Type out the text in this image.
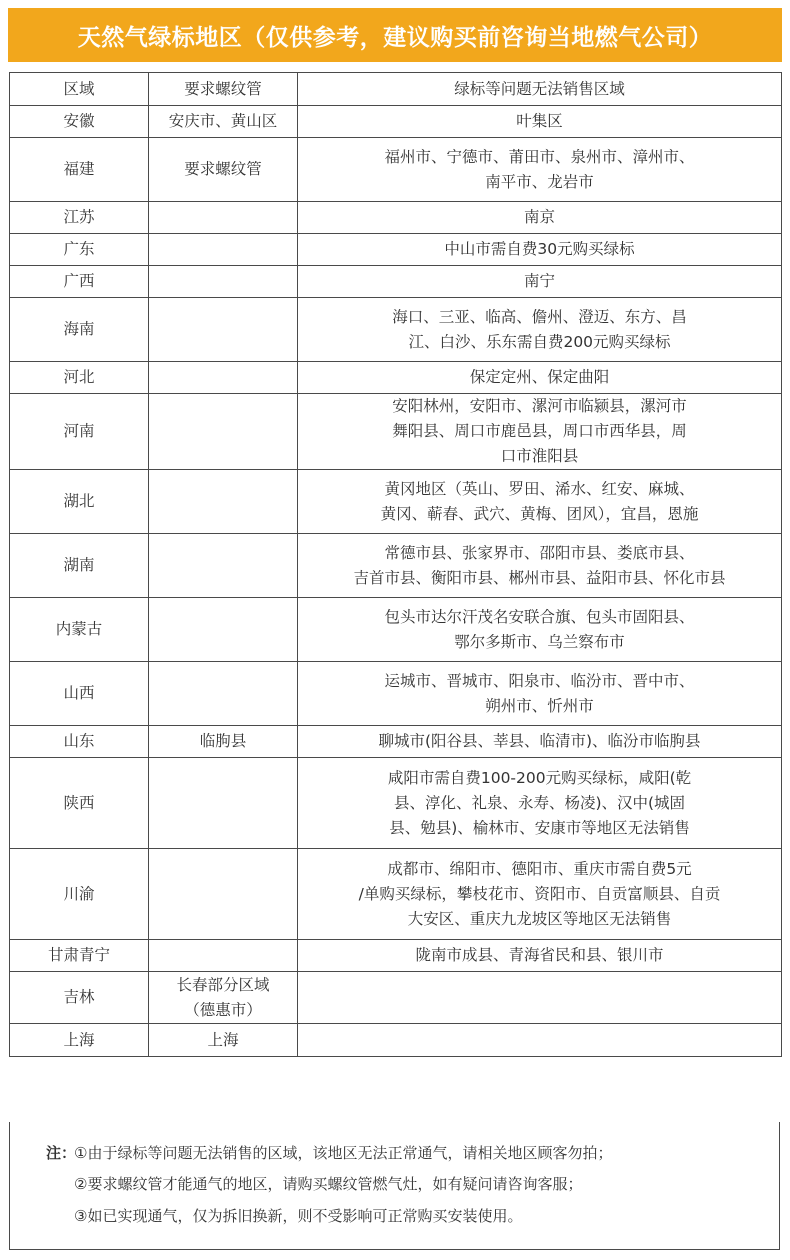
天然气绿标地区（仅供参考，建议购买前咨询当地燃气公司）
区域	要求螺纹管	绿标等问题无法销售区域
安徽	安庆市、黄山区	叶集区

福建	要求螺纹管	福州市、宁德市、莆田市、泉州市、漳州市、
南平市、龙岩市

江苏		南京

广东		中山市需自费30元购买绿标

广西		南宁

海南		海口、三亚、临高、儋州、澄迈、东方、昌
江、白沙、乐东需自费200元购买绿标

河北		保定定州、保定曲阳

河南		安阳林州，安阳市、漯河市临颍县，漯河市
舞阳县、周口市鹿邑县，周口市西华县，周
口市淮阳县

湖北		黄冈地区（英山、罗田、浠水、红安、麻城、
黄冈、蕲春、武穴、黄梅、团风），宜昌，恩施

湖南		常德市县、张家界市、邵阳市县、娄底市县、
吉首市县、衡阳市县、郴州市县、益阳市县、怀化市县

内蒙古		包头市达尔汗茂名安联合旗、包头市固阳县、
鄂尔多斯市、乌兰察布市

山西		运城市、晋城市、阳泉市、临汾市、晋中市、
朔州市、忻州市

山东	临朐县	聊城市(阳谷县、莘县、临清市)、临汾市临朐县

陕西		咸阳市需自费100-200元购买绿标，咸阳(乾
县、淳化、礼泉、永寿、杨凌)、汉中(城固
县、勉县)、榆林市、安康市等地区无法销售

川渝		成都市、绵阳市、德阳市、重庆市需自费5元
/单购买绿标，攀枝花市、资阳市、自贡富顺县、自贡
大安区、重庆九龙坡区等地区无法销售

甘肃青宁		陇南市成县、青海省民和县、银川市

吉林	长春部分区域
（德惠市）	

上海	上海	
注：①由于绿标等问题无法销售的区域，该地区无法正常通气，请相关地区顾客勿拍；
②要求螺纹管才能通气的地区，请购买螺纹管燃气灶，如有疑问请咨询客服；
③如已实现通气，仅为拆旧换新，则不受影响可正常购买安装使用。
